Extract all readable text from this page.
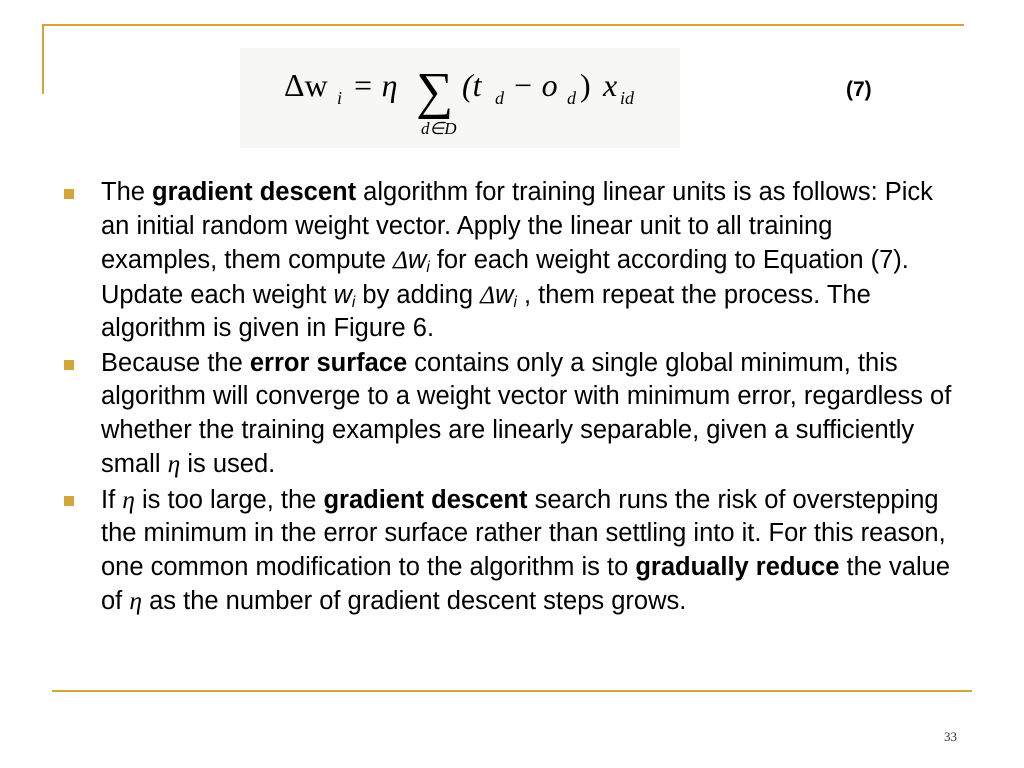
Δw i = η ∑
d∈D
(t d − o d ) x id	(7)
The gradient descent algorithm for training linear units is as follows: Pick an initial random weight vector. Apply the linear unit to all training examples, them compute $\Delta w_i$ for each weight according to Equation (7). Update each weight $w_i$ by adding $\Delta w_i$ , them repeat the process. The algorithm is given in Figure 6.
Because the error surface contains only a single global minimum, this algorithm will converge to a weight vector with minimum error, regardless of whether the training examples are linearly separable, given a sufficiently small η is used.
If η is too large, the gradient descent search runs the risk of overstepping the minimum in the error surface rather than settling into it. For this reason, one common modification to the algorithm is to gradually reduce the value of η as the number of gradient descent steps grows.
33
